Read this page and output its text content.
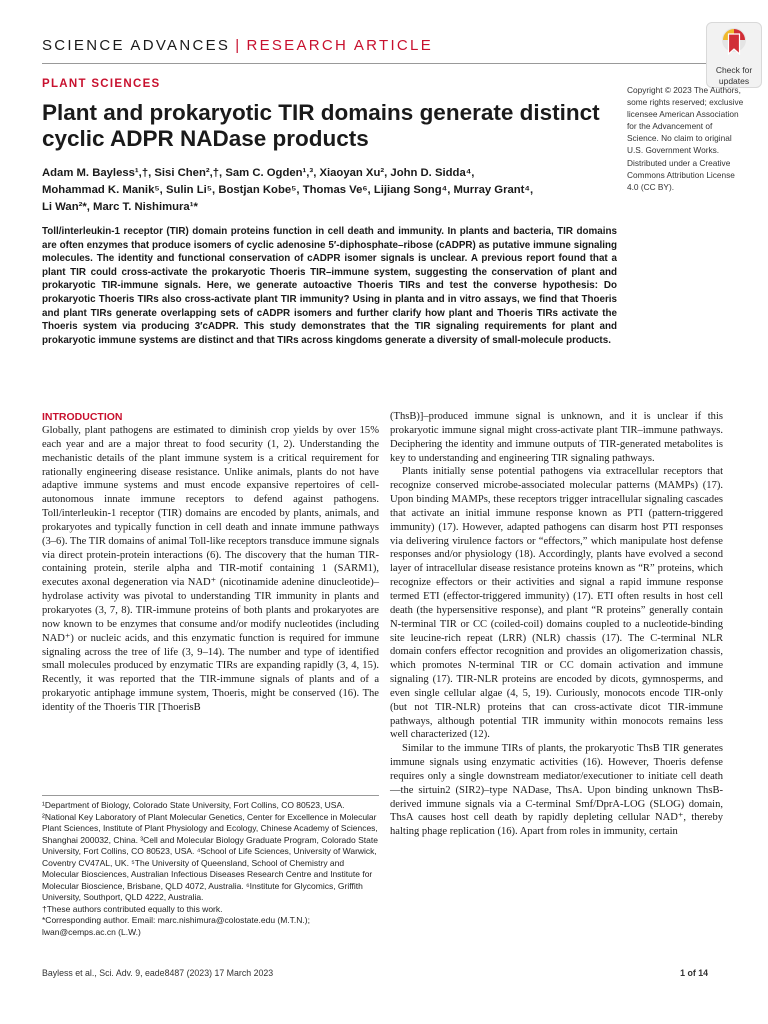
SCIENCE ADVANCES | RESEARCH ARTICLE
Check for
updates
PLANT SCIENCES
Plant and prokaryotic TIR domains generate distinct cyclic ADPR NADase products
Adam M. Bayless¹,†, Sisi Chen²,†, Sam C. Ogden¹,³, Xiaoyan Xu², John D. Sidda⁴,
Mohammad K. Manik⁵, Sulin Li⁵, Bostjan Kobe⁵, Thomas Ve⁶, Lijiang Song⁴, Murray Grant⁴,
Li Wan²*, Marc T. Nishimura¹*
Copyright © 2023 The Authors, some rights reserved; exclusive licensee American Association for the Advancement of Science. No claim to original U.S. Government Works. Distributed under a Creative Commons Attribution License 4.0 (CC BY).

Toll/interleukin-1 receptor (TIR) domain proteins function in cell death and immunity. In plants and bacteria, TIR domains are often enzymes that produce isomers of cyclic adenosine 5′-diphosphate–ribose (cADPR) as putative immune signaling molecules. The identity and functional conservation of cADPR isomer signals is unclear. A previous report found that a plant TIR could cross-activate the prokaryotic Thoeris TIR–immune system, suggesting the conservation of plant and prokaryotic TIR-immune signals. Here, we generate autoactive Thoeris TIRs and test the converse hypothesis: Do prokaryotic Thoeris TIRs also cross-activate plant TIR immunity? Using in planta and in vitro assays, we find that Thoeris and plant TIRs generate overlapping sets of cADPR isomers and further clarify how plant and Thoeris TIRs activate the Thoeris system via producing 3′cADPR. This study demonstrates that the TIR signaling requirements for plant and prokaryotic immune systems are distinct and that TIRs across kingdoms generate a diversity of small-molecule products.

INTRODUCTION

Globally, plant pathogens are estimated to diminish crop yields by over 15% each year and are a major threat to food security (1, 2). Understanding the mechanistic details of the plant immune system is a critical requirement for rationally engineering disease resistance. Unlike animals, plants do not have adaptive immune systems and must encode expansive repertoires of cell-autonomous innate immune receptors to defend against pathogens. Toll/interleukin-1 receptor (TIR) domains are encoded by plants, animals, and prokaryotes and typically function in cell death and innate immune pathways (3–6). The TIR domains of animal Toll-like receptors transduce immune signals via direct protein-protein interactions (6). The discovery that the human TIR-containing protein, sterile alpha and TIR-motif containing 1 (SARM1), executes axonal degeneration via NAD⁺ (nicotinamide adenine dinucleotide)–hydrolase activity was pivotal to understanding TIR immunity in plants and prokaryotes (3, 7, 8). TIR-immune proteins of both plants and prokaryotes are now known to be enzymes that consume and/or modify nucleotides (including NAD⁺) or nucleic acids, and this enzymatic function is required for immune signaling across the tree of life (3, 9–14). The number and type of identified small molecules produced by enzymatic TIRs are expanding rapidly (3, 4, 15). Recently, it was reported that the TIR-immune signals of plants and of a prokaryotic antiphage immune system, Thoeris, might be conserved (16). The identity of the Thoeris TIR [ThoerisB

¹Department of Biology, Colorado State University, Fort Collins, CO 80523, USA. ²National Key Laboratory of Plant Molecular Genetics, Center for Excellence in Molecular Plant Sciences, Institute of Plant Physiology and Ecology, Chinese Academy of Sciences, Shanghai 200032, China. ³Cell and Molecular Biology Graduate Program, Colorado State University, Fort Collins, CO 80523, USA. ⁴School of Life Sciences, University of Warwick, Coventry CV47AL, UK. ⁵The University of Queensland, School of Chemistry and Molecular Biosciences, Australian Infectious Diseases Research Centre and Institute for Molecular Bioscience, Brisbane, QLD 4072, Australia. ⁶Institute for Glycomics, Griffith University, Southport, QLD 4222, Australia.

†These authors contributed equally to this work.

*Corresponding author. Email: marc.nishimura@colostate.edu (M.T.N.); lwan@cemps.ac.cn (L.W.)

(ThsB)]–produced immune signal is unknown, and it is unclear if this prokaryotic immune signal might cross-activate plant TIR–immune pathways. Deciphering the identity and immune outputs of TIR-generated metabolites is key to understanding and engineering TIR signaling pathways.

Plants initially sense potential pathogens via extracellular receptors that recognize conserved microbe-associated molecular patterns (MAMPs) (17). Upon binding MAMPs, these receptors trigger intracellular signaling cascades that activate an initial immune response known as PTI (pattern-triggered immunity) (17). However, adapted pathogens can disarm host PTI responses via delivering virulence factors or “effectors,” which manipulate host defense responses and/or physiology (18). Accordingly, plants have evolved a second layer of intracellular disease resistance proteins known as “R” proteins, which recognize effectors or their activities and signal a rapid immune response termed ETI (effector-triggered immunity) (17). ETI often results in host cell death (the hypersensitive response), and plant “R proteins” generally contain N-terminal TIR or CC (coiled-coil) domains coupled to a nucleotide-binding site leucine-rich repeat (LRR) (NLR) chassis (17). The C-terminal NLR domain confers effector recognition and provides an oligomerization chassis, which promotes N-terminal TIR or CC domain activation and immune signaling (17). TIR-NLR proteins are encoded by dicots, gymnosperms, and even single cellular algae (4, 5, 19). Curiously, monocots encode TIR-only (but not TIR-NLR) proteins that can cross-activate dicot TIR-immune pathways, although potential TIR immunity within monocots remains less well characterized (12).

Similar to the immune TIRs of plants, the prokaryotic ThsB TIR generates immune signals using enzymatic activities (16). However, Thoeris defense requires only a single downstream mediator/executioner to initiate cell death—the sirtuin2 (SIR2)–type NADase, ThsA. Upon binding unknown ThsB-derived immune signals via a C-terminal Smf/DprA-LOG (SLOG) domain, ThsA causes host cell death by rapidly depleting cellular NAD⁺, thereby halting phage replication (16). Apart from roles in immunity, certain

Bayless et al., Sci. Adv. 9, eade8487 (2023) 17 March 2023	1 of 14
